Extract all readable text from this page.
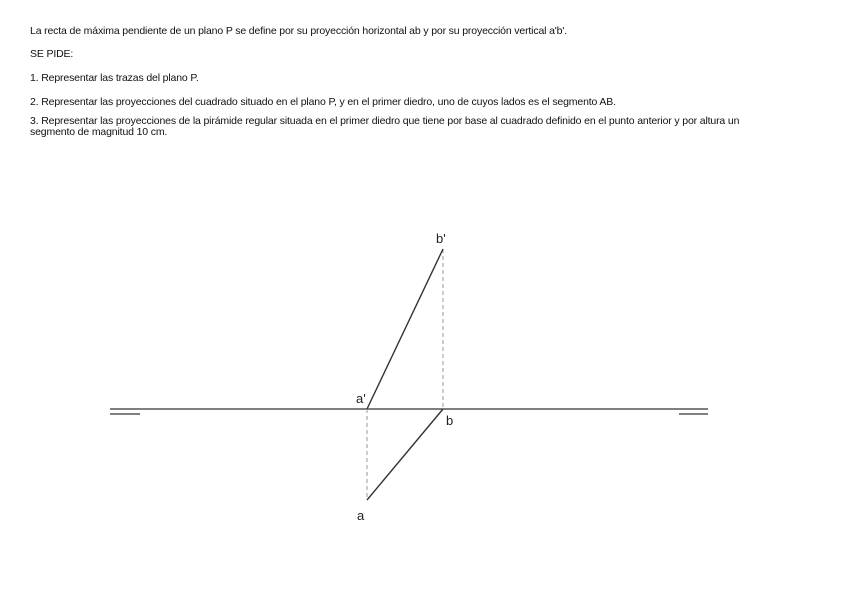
La recta de máxima pendiente de un plano P se define por su proyección horizontal ab y por su proyección vertical a'b'.

SE PIDE:

1. Representar las trazas del plano P.

2. Representar las proyecciones del cuadrado situado en el plano P, y en el primer diedro, uno de cuyos lados es el segmento AB.

3. Representar las proyecciones de la pirámide regular situada en el primer diedro que tiene por base al cuadrado definido en el punto anterior y por altura un segmento de magnitud 10 cm.

b'
a'
b
a
